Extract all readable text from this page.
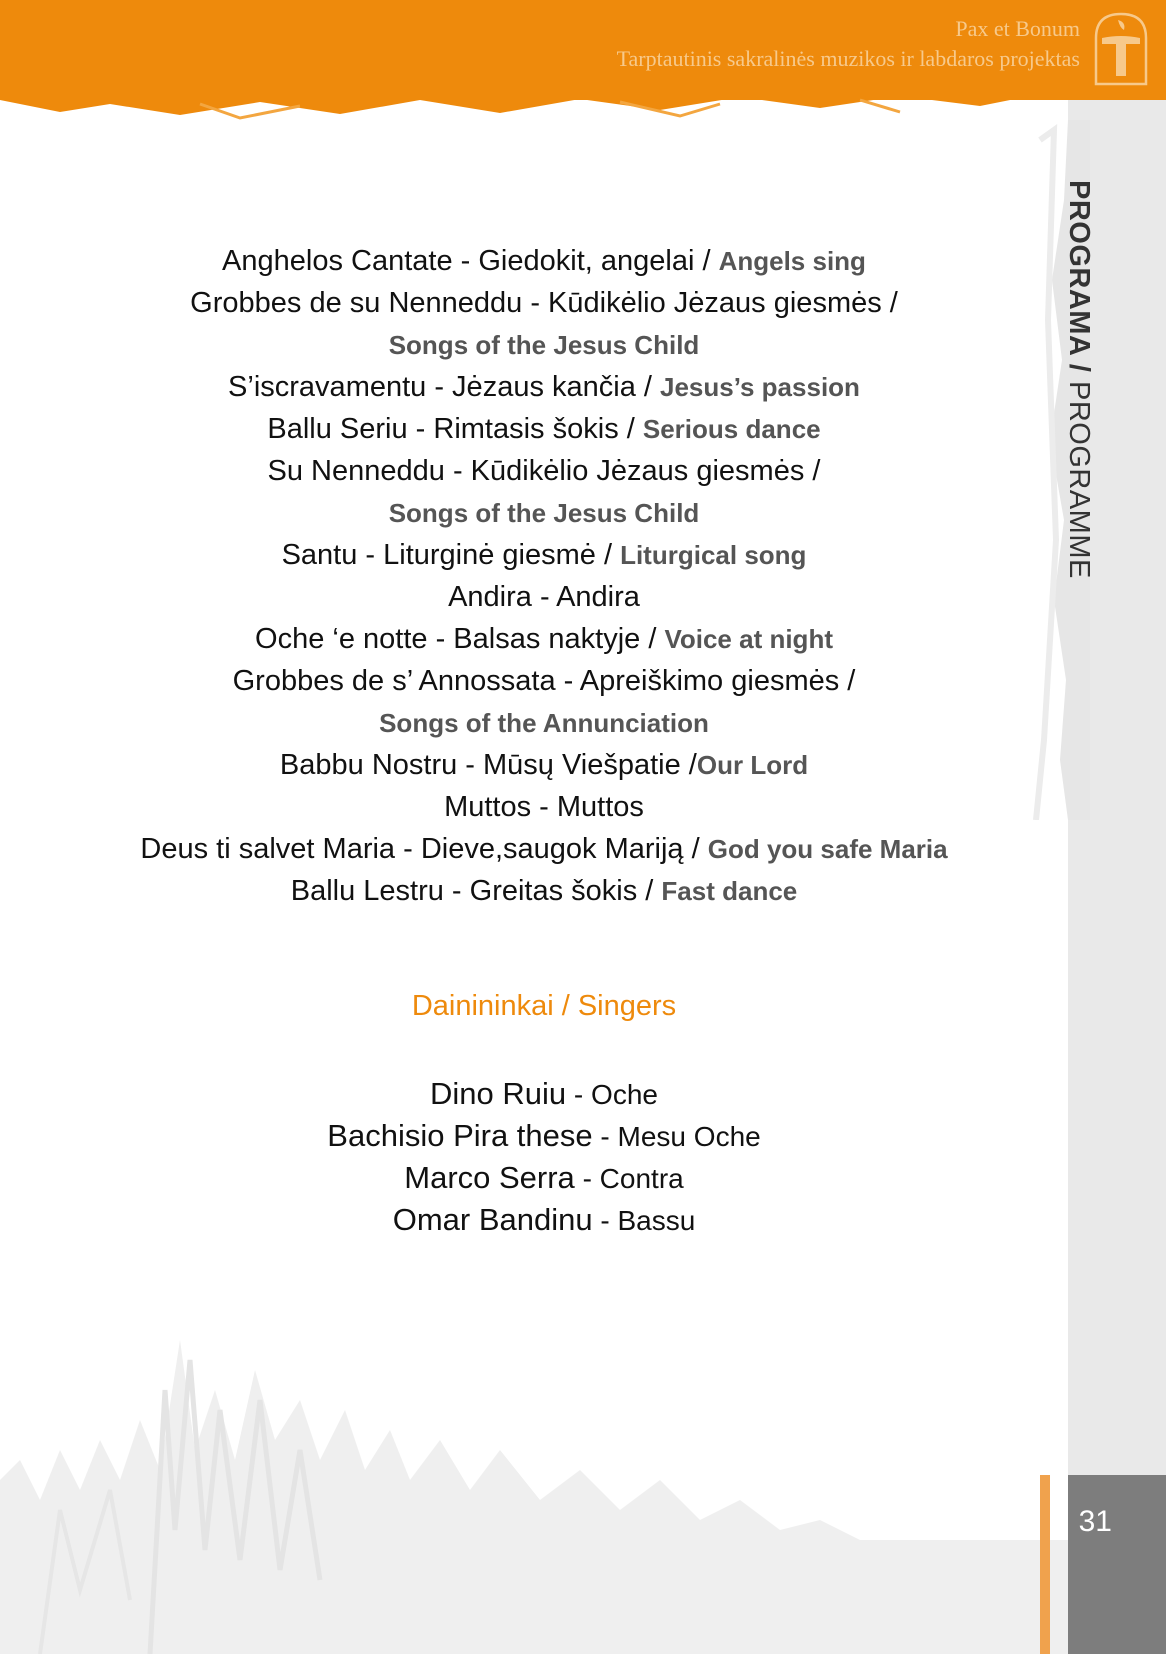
Pax et Bonum
Tarptautinis sakralinės muzikos ir labdaros projektas
PROGRAMA / PROGRAMME
Anghelos Cantate - Giedokit, angelai / Angels sing
Grobbes de su Nenneddu - Kūdikėlio Jėzaus giesmės /
Songs of the Jesus Child
S’iscravamentu - Jėzaus kančia / Jesus’s passion
Ballu Seriu - Rimtasis šokis / Serious dance
Su Nenneddu - Kūdikėlio Jėzaus giesmės /
Songs of the Jesus Child
Santu - Liturginė giesmė / Liturgical song
Andira - Andira
Oche ‘e notte - Balsas naktyje / Voice at night
Grobbes de s’ Annossata - Apreiškimo giesmės /
Songs of the Annunciation
Babbu Nostru - Mūsų Viešpatie /Our Lord
Muttos - Muttos
Deus ti salvet Maria - Dieve,saugok Mariją / God you safe Maria
Ballu Lestru - Greitas šokis / Fast dance
Dainininkai / Singers
Dino Ruiu - Oche
Bachisio Pira these - Mesu Oche
Marco Serra - Contra
Omar Bandinu - Bassu
31
